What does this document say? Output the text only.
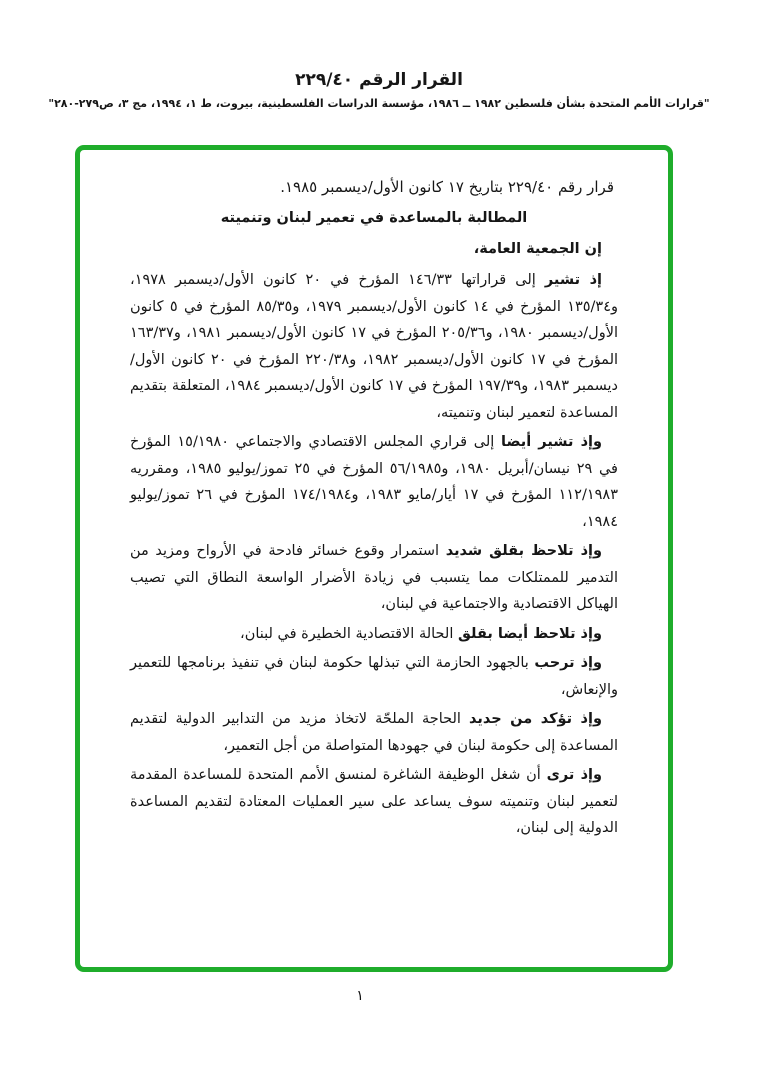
القرار الرقم ٢٢٩/٤٠
"قرارات الأمم المتحدة بشأن فلسطين ١٩٨٢ ــ ١٩٨٦، مؤسسة الدراسات الفلسطينية، بيروت، ط ١، ١٩٩٤، مج ٣، ص٢٧٩-٢٨٠"

قرار رقم ٢٢٩/٤٠ بتاريخ ١٧ كانون الأول/ديسمبر ١٩٨٥.

المطالبة بالمساعدة في تعمير لبنان وتنميته

إن الجمعية العامة،

إذ تشير إلى قراراتها ١٤٦/٣٣ المؤرخ في ٢٠ كانون الأول/ديسمبر ١٩٧٨، و١٣٥/٣٤ المؤرخ في ١٤ كانون الأول/ديسمبر ١٩٧٩، و٨٥/٣٥ المؤرخ في ٥ كانون الأول/ديسمبر ١٩٨٠، و٢٠٥/٣٦ المؤرخ في ١٧ كانون الأول/ديسمبر ١٩٨١، و١٦٣/٣٧ المؤرخ في ١٧ كانون الأول/ديسمبر ١٩٨٢، و٢٢٠/٣٨ المؤرخ في ٢٠ كانون الأول/ديسمبر ١٩٨٣، و١٩٧/٣٩ المؤرخ في ١٧ كانون الأول/ديسمبر ١٩٨٤، المتعلقة بتقديم المساعدة لتعمير لبنان وتنميته،

وإذ تشير أيضا إلى قراري المجلس الاقتصادي والاجتماعي ١٥/١٩٨٠ المؤرخ في ٢٩ نيسان/أبريل ١٩٨٠، و٥٦/١٩٨٥ المؤرخ في ٢٥ تموز/يوليو ١٩٨٥، ومقرريه ١١٢/١٩٨٣ المؤرخ في ١٧ أيار/مايو ١٩٨٣، و١٧٤/١٩٨٤ المؤرخ في ٢٦ تموز/يوليو ١٩٨٤،

وإذ تلاحظ بقلق شديد استمرار وقوع خسائر فادحة في الأرواح ومزيد من التدمير للممتلكات مما يتسبب في زيادة الأضرار الواسعة النطاق التي تصيب الهياكل الاقتصادية والاجتماعية في لبنان،

وإذ تلاحظ أيضا بقلق الحالة الاقتصادية الخطيرة في لبنان،

وإذ ترحب بالجهود الحازمة التي تبذلها حكومة لبنان في تنفيذ برنامجها للتعمير والإنعاش،

وإذ تؤكد من جديد الحاجة الملحّة لاتخاذ مزيد من التدابير الدولية لتقديم المساعدة إلى حكومة لبنان في جهودها المتواصلة من أجل التعمير،

وإذ ترى أن شغل الوظيفة الشاغرة لمنسق الأمم المتحدة للمساعدة المقدمة لتعمير لبنان وتنميته سوف يساعد على سير العمليات المعتادة لتقديم المساعدة الدولية إلى لبنان،

١
